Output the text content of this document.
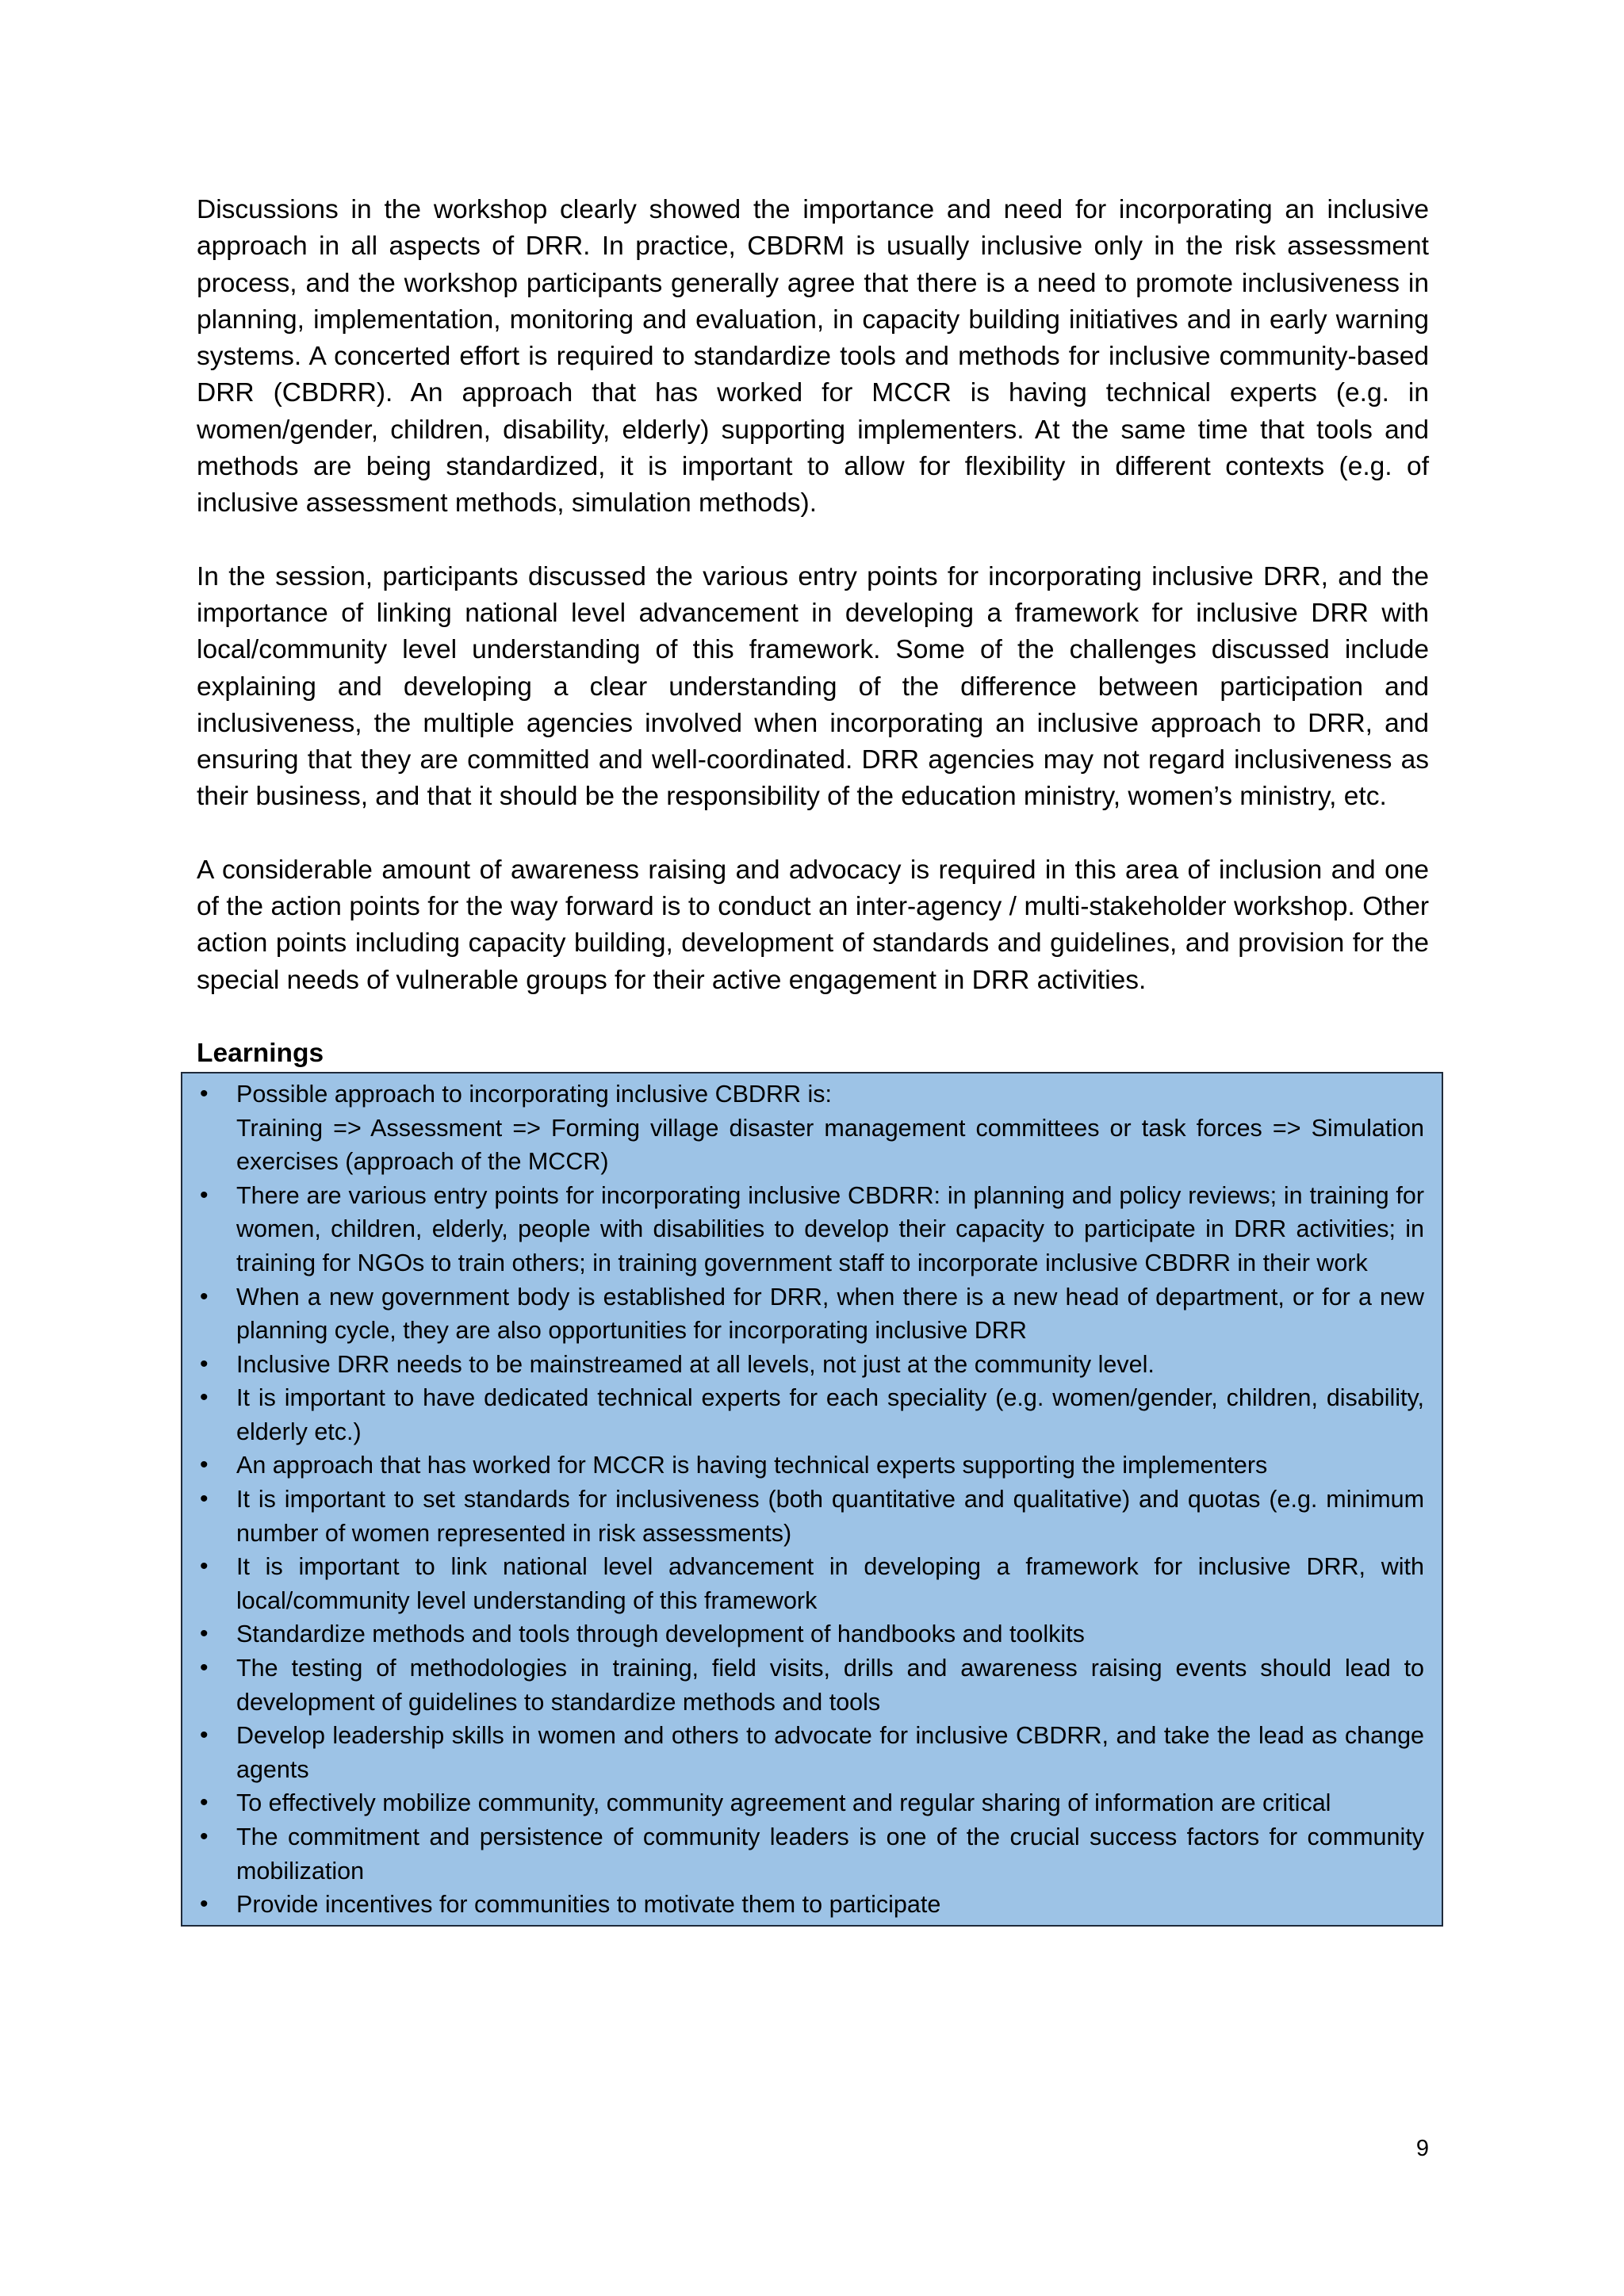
Discussions in the workshop clearly showed the importance and need for incorporating an inclusive approach in all aspects of DRR. In practice, CBDRM is usually inclusive only in the risk assessment process, and the workshop participants generally agree that there is a need to promote inclusiveness in planning, implementation, monitoring and evaluation, in capacity building initiatives and in early warning systems. A concerted effort is required to standardize tools and methods for inclusive community-based DRR (CBDRR). An approach that has worked for MCCR is having technical experts (e.g. in women/gender, children, disability, elderly) supporting implementers. At the same time that tools and methods are being standardized, it is important to allow for flexibility in different contexts (e.g. of inclusive assessment methods, simulation methods).

In the session, participants discussed the various entry points for incorporating inclusive DRR, and the importance of linking national level advancement in developing a framework for inclusive DRR with local/community level understanding of this framework. Some of the challenges discussed include explaining and developing a clear understanding of the difference between participation and inclusiveness, the multiple agencies involved when incorporating an inclusive approach to DRR, and ensuring that they are committed and well-coordinated. DRR agencies may not regard inclusiveness as their business, and that it should be the responsibility of the education ministry, women’s ministry, etc.

A considerable amount of awareness raising and advocacy is required in this area of inclusion and one of the action points for the way forward is to conduct an inter-agency / multi-stakeholder workshop. Other action points including capacity building, development of standards and guidelines, and provision for the special needs of vulnerable groups for their active engagement in DRR activities.

Learnings
•	Possible approach to incorporating inclusive CBDRR is:
Training => Assessment => Forming village disaster management committees or task forces => Simulation exercises (approach of the MCCR)
•	There are various entry points for incorporating inclusive CBDRR: in planning and policy reviews; in training for women, children, elderly, people with disabilities to develop their capacity to participate in DRR activities; in training for NGOs to train others; in training government staff to incorporate inclusive CBDRR in their work
•	When a new government body is established for DRR, when there is a new head of department, or for a new planning cycle, they are also opportunities for incorporating inclusive DRR
•	Inclusive DRR needs to be mainstreamed at all levels, not just at the community level.
•	It is important to have dedicated technical experts for each speciality (e.g. women/gender, children, disability, elderly etc.)
•	An approach that has worked for MCCR is having technical experts supporting the implementers
•	It is important to set standards for inclusiveness (both quantitative and qualitative) and quotas (e.g. minimum number of women represented in risk assessments)
•	It is important to link national level advancement in developing a framework for inclusive DRR, with local/community level understanding of this framework
•	Standardize methods and tools through development of handbooks and toolkits
•	The testing of methodologies in training, field visits, drills and awareness raising events should lead to development of guidelines to standardize methods and tools
•	Develop leadership skills in women and others to advocate for inclusive CBDRR, and take the lead as change agents
•	To effectively mobilize community, community agreement and regular sharing of information are critical
•	The commitment and persistence of community leaders is one of the crucial success factors for community mobilization
•	Provide incentives for communities to motivate them to participate
9
